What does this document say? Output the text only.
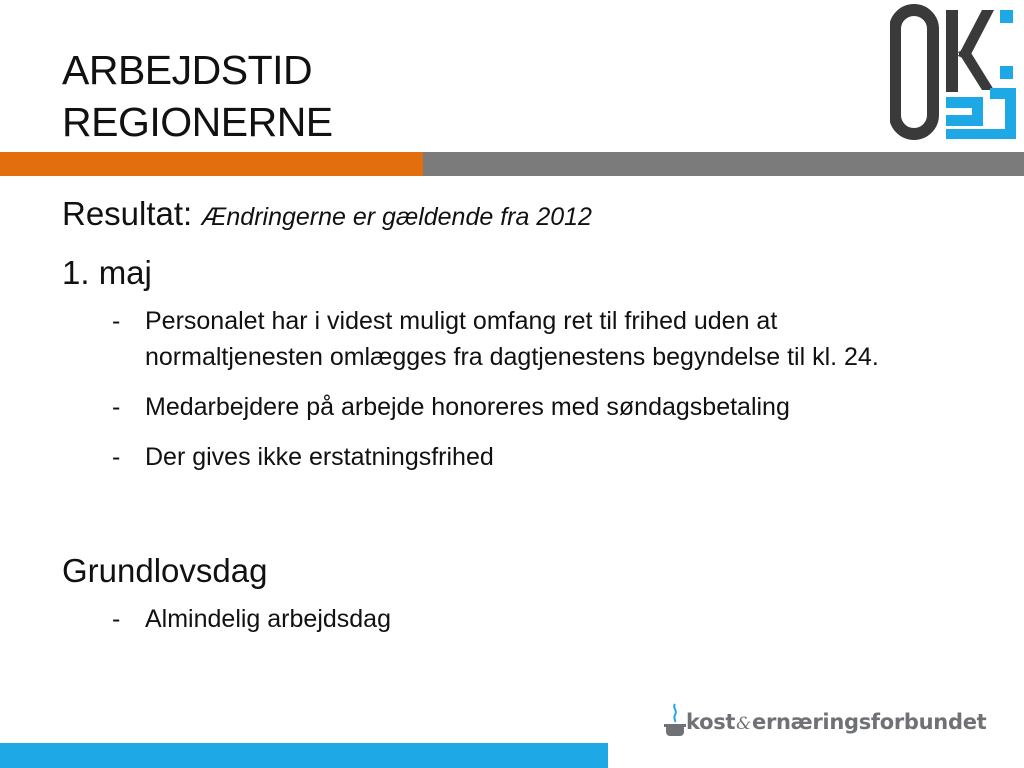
ARBEJDSTID
REGIONERNE

Resultat: Ændringerne er gældende fra 2012

1. maj

- Personalet har i videst muligt omfang ret til frihed uden at normaltjenesten omlægges fra dagtjenestens begyndelse til kl. 24.
- Medarbejdere på arbejde honoreres med søndagsbetaling
- Der gives ikke erstatningsfrihed

Grundlovsdag

- Almindelig arbejdsdag
kost&ernæringsforbundet
